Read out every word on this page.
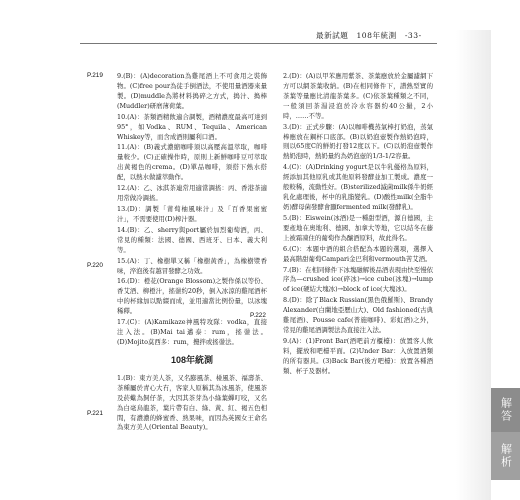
最新試題　108年統測　-33-
P.219
P.220
P.221
P.222
9.(B)：(A)decoration為雞尾酒上不可食用之裝飾物。(C)free pour為徒手倒酒法，不使用量酒器來量製。(D)muddle為將材料搗碎之方式，搗汁、搗棒(Muddler)研磨薄荷葉。
10.(A)：茶類酒精飲適合調製，酒精濃度最高可達到95°，如Vodka、RUM、Tequila、American Whiskey等，而含成酒則屬利口酒。
11.(A)：(B)義式濃縮咖啡須以高壓高溫萃取，咖啡量較少。(C)正確操作時，原則上新鮮咖啡豆可萃取出黃褐色的crema。(D)單品咖啡，須搭下熱水搭配，以熱水做濾萃動作。
12.(A)：乙、冰淇茶連常用適當調搖：丙、香港茶適用常做冷調搖。
13.(D)：調製「莆萄柚風味汁」及「百香果蜜蜜汁」，不需要使用(D)榨汁器。
14.(B)：乙、sherry與port屬於加烈葡萄酒，丙、常見的種類：法國、德國、西班牙、日本、義大利等。
15.(A)：丁、橡樹單又稱「橡樹黃香」，為橡樹漿香味，淬泡後有越冒發酵之功效。
16.(D)：橙花(Orange Blossom)之製作係以等份、香艾酒、柳橙汁，搖盪約20秒，倒入冰涼的雞尾酒杯中的杯緣加以點綴而成，並用適當比例份量，以冰塊稀釋。
17.(C)：(A)Kamikaze神風特攻隊：vodka，直接注入法。(B)Mai tai邁泰：rum，搖盪法。(D)Mojito莫西多：rum，攪拌或搖盪法。
108年統測
1.(B)：東方美人茶，又名膨風茶、椪風茶、福壽茶、茶種屬於青心大冇，客家人原稱其為冰風茶，使風茶及菸蠍為飼仔茶，大因其茶芽為小綠葉蟬叮咬，又名為白毫烏龍茶，葉片帶有白、綠、黃、紅、褐五色相間，有濃濃的蜂蜜香、熟果味，而因為英國女王命名為東方美人(Oriental Beauty)。
2.(D)：(A)以甲苯應用紫茶、茶葉應放於金屬濾網下方可以網茶葉收納。(B)在相同條件下，譜熱型實的茶葉等量應比清龍茶葉多。(C)依茶葉種類之不同，一般須回茶湯浸泡於冷水容器約40公撮，2小時，……不等。
3.(D)：正式步驟：(A)以咖啡機蒸氣棒打奶泡，蒸氣棒應放在鋼杯口底部。(B)以奶泡壺製作熱奶泡時，則以65度C的鮮奶打發12度以下。(C)以奶泡壺製作熱奶泡時，熱奶量約為奶泡壺的1/3-1/2容量。
4.(C)：(A)Drinking yogurt是以牛乳優格為原料，經添加其他原乳或其他原料發酵並加工製成。濃度一般較稀，流動性好。(B)sterilized滅菌milk係牛奶經乳化處理後，杯中的乳脂變乳。(D)酸性milk(全脂牛奶)酵母菌發酵會顯fermented milk(發酵乳)。
5.(B)：Eiswein(冰酒)是一種甜型酒，源自德國，主要產地在奧地利、德國、加拿大等地，它以結冬在藤上被霜凍住的葡萄作為釀酒原料，故此得名。
6.(C)：本題中酒的組合搭配為本題的選項，選擇入最高階甜葡萄Campari金巴利和vermouth苦艾酒。
7.(B)：在相同條件下冰塊融解後品酒表現由快至慢依序為—crushed ice(碎冰)→ice cube(冰塊)→lump of ice(硬結大塊冰)→block of ice(大塊冰)。
8.(D)：除了Black Russian(黑色俄羅斯)、Brandy Alexander(白蘭地亞歷山大)、Old fashioned(古典雞尾酒)、Pousse cafe(普施咖啡)、彩虹酒)之外，常見的雞尾酒調製法為直接注入法。
9.(A)：(1)Front Bar(酒吧前方櫃檯)：放置客人飲料，擺放和吧檯平面。(2)Under Bar：入放置酒類的所有器具。(3)Back Bar(後方吧檯)：放置各種酒類、杯子及器材。
解答
解析
